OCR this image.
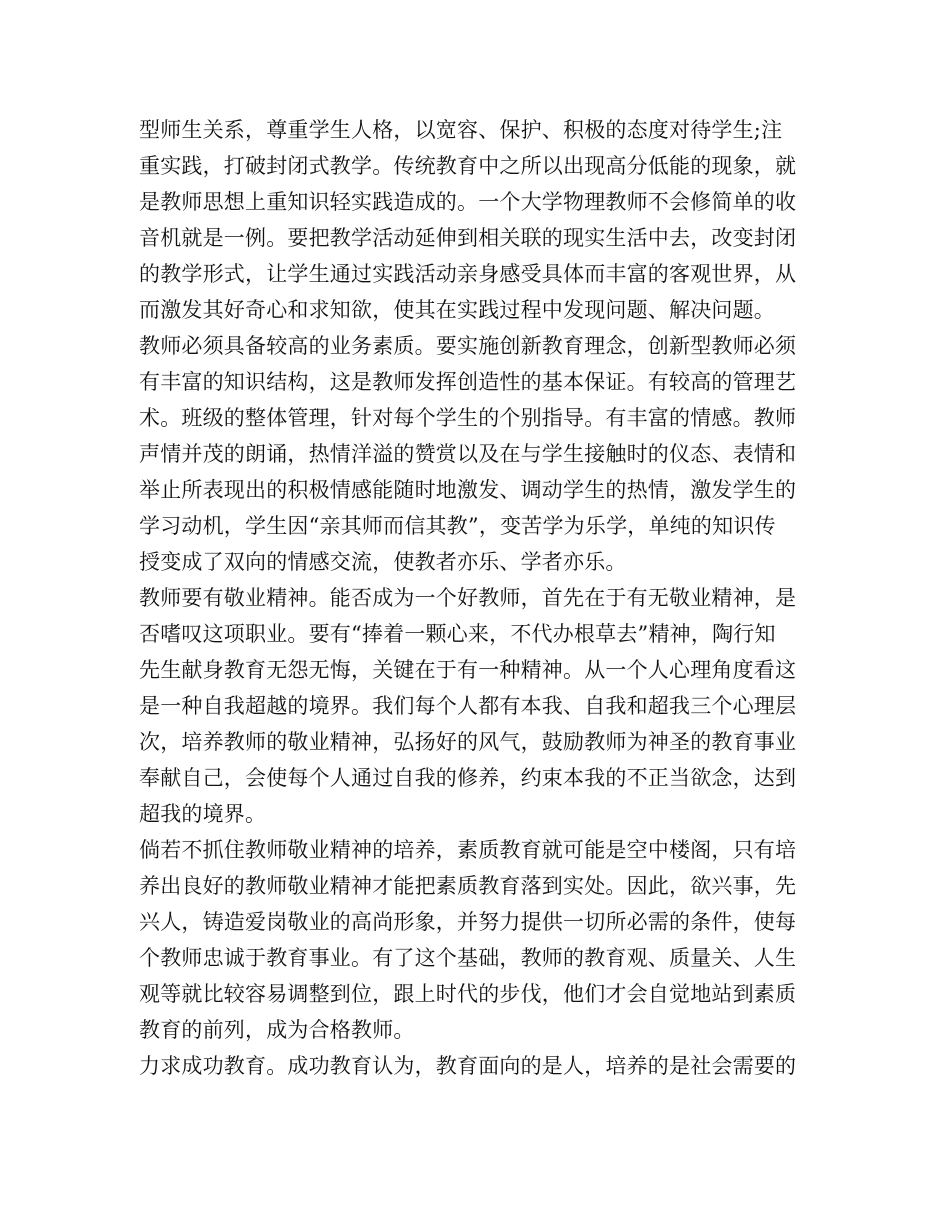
型师生关系，尊重学生人格，以宽容、保护、积极的态度对待学生;注
重实践，打破封闭式教学。传统教育中之所以出现高分低能的现象，就
是教师思想上重知识轻实践造成的。一个大学物理教师不会修简单的收
音机就是一例。要把教学活动延伸到相关联的现实生活中去，改变封闭
的教学形式，让学生通过实践活动亲身感受具体而丰富的客观世界，从
而激发其好奇心和求知欲，使其在实践过程中发现问题、解决问题。
教师必须具备较高的业务素质。要实施创新教育理念，创新型教师必须
有丰富的知识结构，这是教师发挥创造性的基本保证。有较高的管理艺
术。班级的整体管理，针对每个学生的个别指导。有丰富的情感。教师
声情并茂的朗诵，热情洋溢的赞赏以及在与学生接触时的仪态、表情和
举止所表现出的积极情感能随时地激发、调动学生的热情，激发学生的
学习动机，学生因“亲其师而信其教”，变苦学为乐学，单纯的知识传
授变成了双向的情感交流，使教者亦乐、学者亦乐。
教师要有敬业精神。能否成为一个好教师，首先在于有无敬业精神，是
否嗜叹这项职业。要有“捧着一颗心来，不代办根草去”精神，陶行知
先生献身教育无怨无悔，关键在于有一种精神。从一个人心理角度看这
是一种自我超越的境界。我们每个人都有本我、自我和超我三个心理层
次，培养教师的敬业精神，弘扬好的风气，鼓励教师为神圣的教育事业
奉献自己，会使每个人通过自我的修养，约束本我的不正当欲念，达到
超我的境界。
倘若不抓住教师敬业精神的培养，素质教育就可能是空中楼阁，只有培
养出良好的教师敬业精神才能把素质教育落到实处。因此，欲兴事，先
兴人，铸造爱岗敬业的高尚形象，并努力提供一切所必需的条件，使每
个教师忠诚于教育事业。有了这个基础，教师的教育观、质量关、人生
观等就比较容易调整到位，跟上时代的步伐，他们才会自觉地站到素质
教育的前列，成为合格教师。
力求成功教育。成功教育认为，教育面向的是人，培养的是社会需要的
